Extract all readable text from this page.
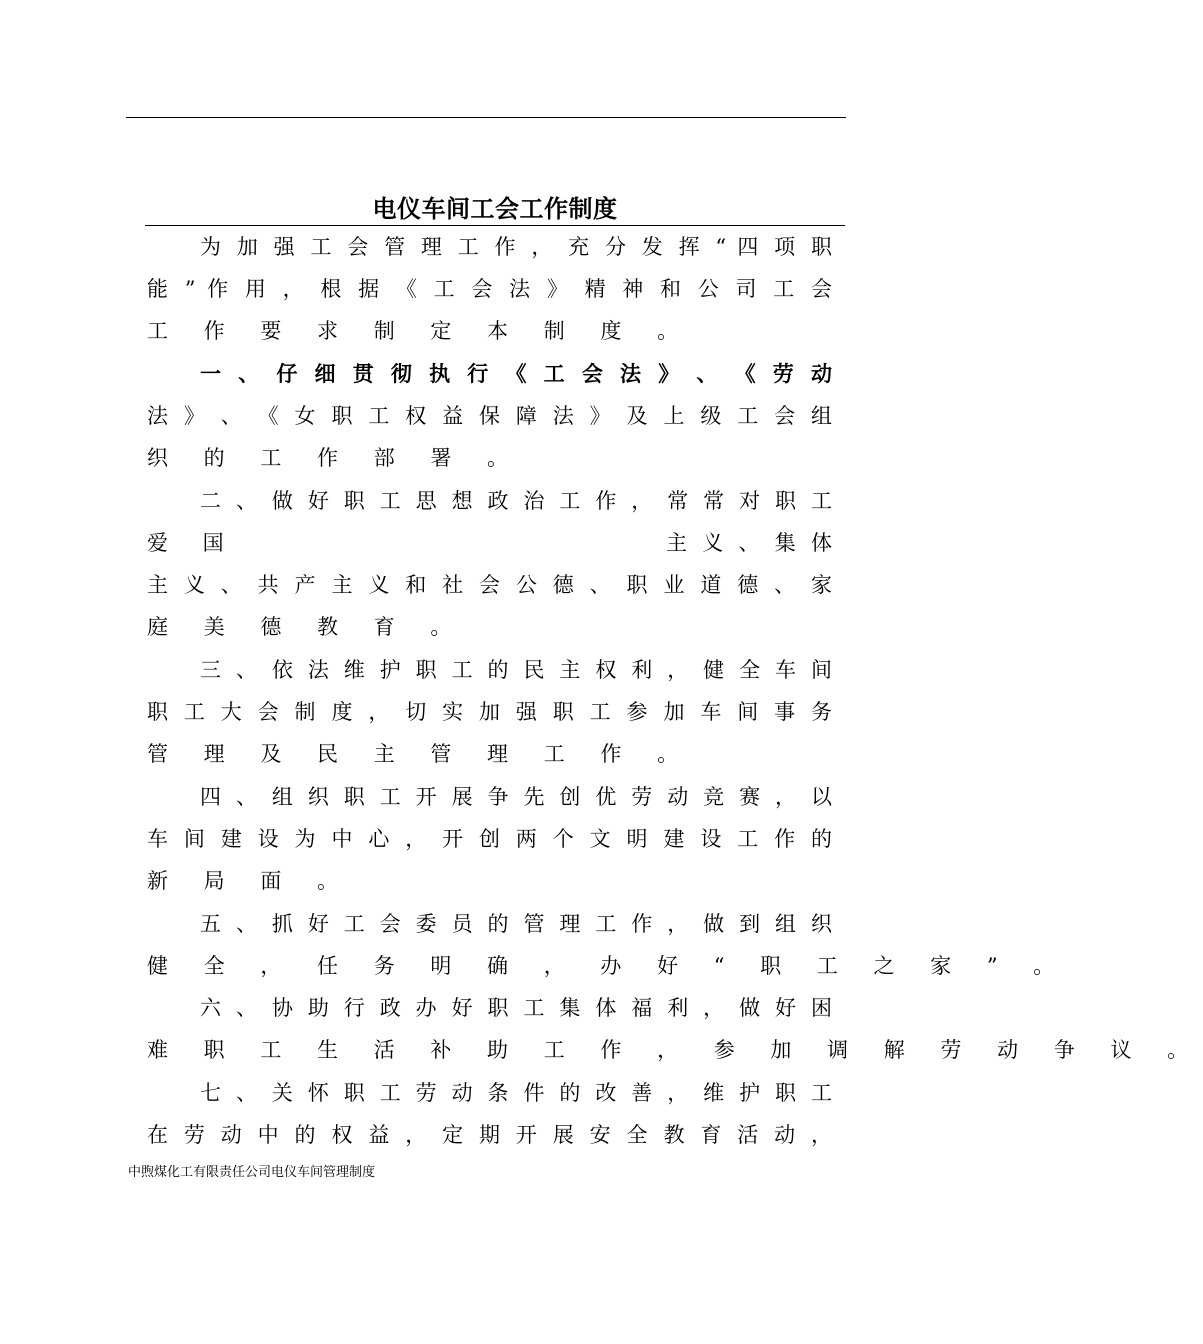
电仪车间工会工作制度
为 加 强 工 会 管 理 工 作 ， 充 分 发 挥 “ 四 项 职
能 ” 作 用 ， 根 据 《 工 会 法 》 精 神 和 公 司 工 会
工 作 要 求 制 定 本 制 度 。
一 、 仔 细 贯 彻 执 行 《 工 会 法 》 、 《 劳 动
法 》 、 《 女 职 工 权 益 保 障 法 》 及 上 级 工 会 组
织 的 工 作 部 署 。
二 、 做 好 职 工 思 想 政 治 工 作 ， 常 常 对 职 工
爱 国	主 义 、 集 体
主 义 、 共 产 主 义 和 社 会 公 德 、 职 业 道 德 、 家
庭 美 德 教 育 。
三 、 依 法 维 护 职 工 的 民 主 权 利 ， 健 全 车 间
职 工 大 会 制 度 ， 切 实 加 强 职 工 参 加 车 间 事 务
管 理 及 民 主 管 理 工 作 。
四 、 组 织 职 工 开 展 争 先 创 优 劳 动 竞 赛 ， 以
车 间 建 设 为 中 心 ， 开 创 两 个 文 明 建 设 工 作 的
新 局 面 。
五 、 抓 好 工 会 委 员 的 管 理 工 作 ， 做 到 组 织
健 全 ， 任 务 明 确 ， 办 好 “ 职 工 之 家 ” 。
六 、 协 助 行 政 办 好 职 工 集 体 福 利 ， 做 好 困
难 职 工 生 活 补 助 工 作 ， 参 加 调 解 劳 动 争 议 。
七 、 关 怀 职 工 劳 动 条 件 的 改 善 ， 维 护 职 工
在 劳 动 中 的 权 益 ， 定 期 开 展 安 全 教 育 活 动 ，
中煦煤化工有限责任公司电仪车间管理制度
